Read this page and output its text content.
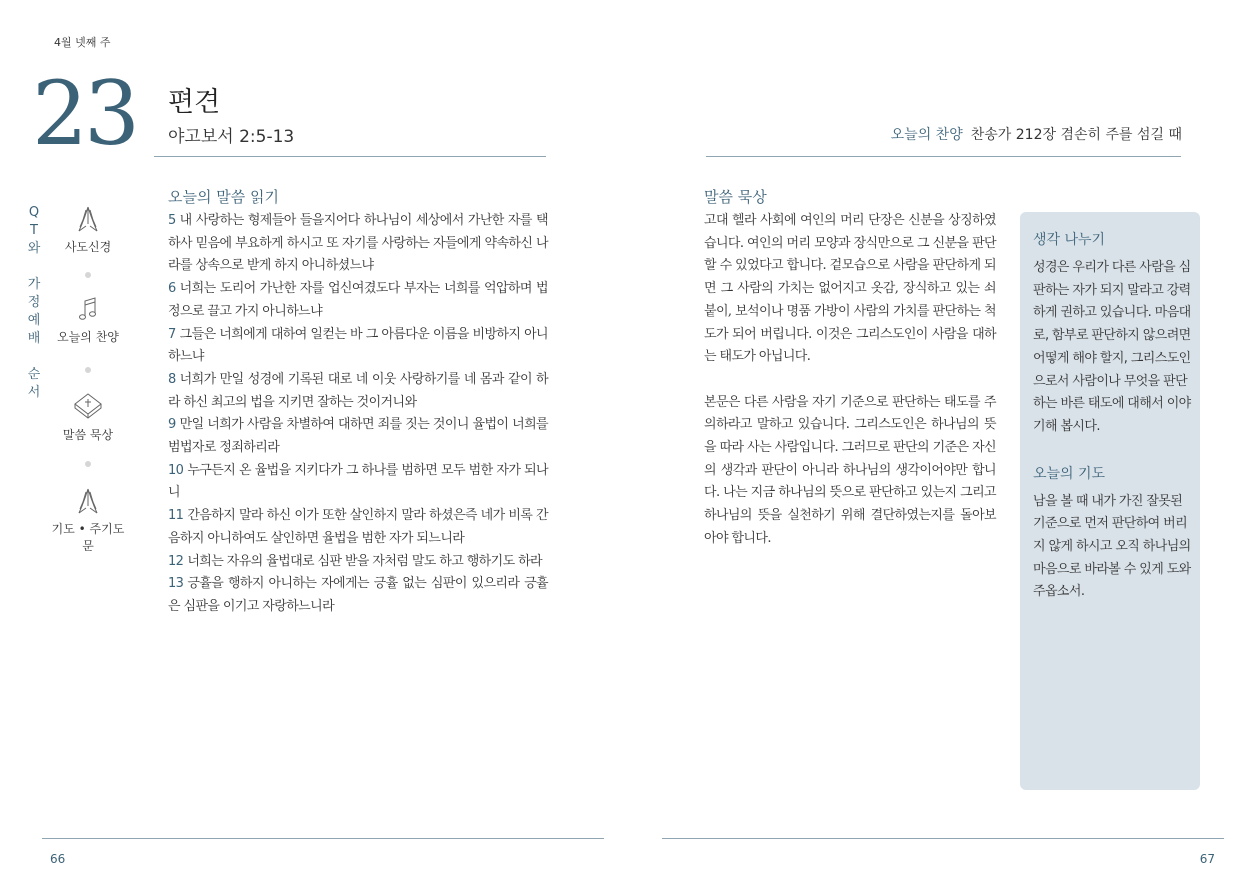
4월 넷째 주
23 편견
야고보서 2:5-13	오늘의 찬양 찬송가 212장 겸손히 주를 섬길 때
Q
T
와
가
정
예
배
순
서
사도신경
오늘의 찬양
말씀 묵상
기도 • 주기도문
오늘의 말씀 읽기
5 내 사랑하는 형제들아 들을지어다 하나님이 세상에서 가난한 자를 택하사 믿음에 부요하게 하시고 또 자기를 사랑하는 자들에게 약속하신 나라를 상속으로 받게 하지 아니하셨느냐
6 너희는 도리어 가난한 자를 업신여겼도다 부자는 너희를 억압하며 법정으로 끌고 가지 아니하느냐
7 그들은 너희에게 대하여 일컫는 바 그 아름다운 이름을 비방하지 아니하느냐
8 너희가 만일 성경에 기록된 대로 네 이웃 사랑하기를 네 몸과 같이 하라 하신 최고의 법을 지키면 잘하는 것이거니와
9 만일 너희가 사람을 차별하여 대하면 죄를 짓는 것이니 율법이 너희를 범법자로 정죄하리라
10 누구든지 온 율법을 지키다가 그 하나를 범하면 모두 범한 자가 되나니
11 간음하지 말라 하신 이가 또한 살인하지 말라 하셨은즉 네가 비록 간음하지 아니하여도 살인하면 율법을 범한 자가 되느니라
12 너희는 자유의 율법대로 심판 받을 자처럼 말도 하고 행하기도 하라
13 긍휼을 행하지 아니하는 자에게는 긍휼 없는 심판이 있으리라 긍휼은 심판을 이기고 자랑하느니라
말씀 묵상

고대 헬라 사회에 여인의 머리 단장은 신분을 상징하였습니다. 여인의 머리 모양과 장식만으로 그 신분을 판단할 수 있었다고 합니다. 겉모습으로 사람을 판단하게 되면 그 사람의 가치는 없어지고 옷감, 장식하고 있는 쇠붙이, 보석이나 명품 가방이 사람의 가치를 판단하는 척도가 되어 버립니다. 이것은 그리스도인이 사람을 대하는 태도가 아닙니다.

본문은 다른 사람을 자기 기준으로 판단하는 태도를 주의하라고 말하고 있습니다. 그리스도인은 하나님의 뜻을 따라 사는 사람입니다. 그러므로 판단의 기준은 자신의 생각과 판단이 아니라 하나님의 생각이어야만 합니다. 나는 지금 하나님의 뜻으로 판단하고 있는지 그리고 하나님의 뜻을 실천하기 위해 결단하였는지를 돌아보아야 합니다.

생각 나누기
성경은 우리가 다른 사람을 심판하는 자가 되지 말라고 강력하게 권하고 있습니다. 마음대로, 함부로 판단하지 않으려면 어떻게 해야 할지, 그리스도인으로서 사람이나 무엇을 판단하는 바른 태도에 대해서 이야기해 봅시다.
오늘의 기도
남을 볼 때 내가 가진 잘못된 기준으로 먼저 판단하여 버리지 않게 하시고 오직 하나님의 마음으로 바라볼 수 있게 도와주옵소서.
66	67
